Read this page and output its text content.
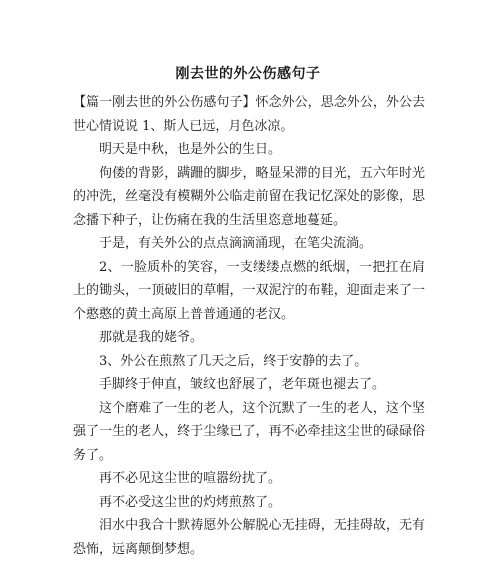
刚去世的外公伤感句子

【篇一刚去世的外公伤感句子】怀念外公，思念外公，外公去世心情说说 1、斯人已远，月色冰凉。

明天是中秋，也是外公的生日。

佝偻的背影，蹒跚的脚步，略显呆滞的目光，五六年时光的冲洗，丝毫没有模糊外公临走前留在我记忆深处的影像，思念播下种子，让伤痛在我的生活里恣意地蔓延。

于是，有关外公的点点滴滴涌现，在笔尖流淌。

2、一脸质朴的笑容，一支缕缕点燃的纸烟，一把扛在肩上的锄头，一顶破旧的草帽，一双泥泞的布鞋，迎面走来了一个憨憨的黄土高原上普普通通的老汉。

那就是我的姥爷。

3、外公在煎熬了几天之后，终于安静的去了。

手脚终于伸直，皱纹也舒展了，老年斑也褪去了。

这个磨难了一生的老人，这个沉默了一生的老人，这个坚强了一生的老人，终于尘缘已了，再不必牵挂这尘世的碌碌俗务了。

再不必见这尘世的喧嚣纷扰了。

再不必受这尘世的灼烤煎熬了。

泪水中我合十默祷愿外公解脱心无挂碍，无挂碍故，无有恐怖，远离颠倒梦想。
